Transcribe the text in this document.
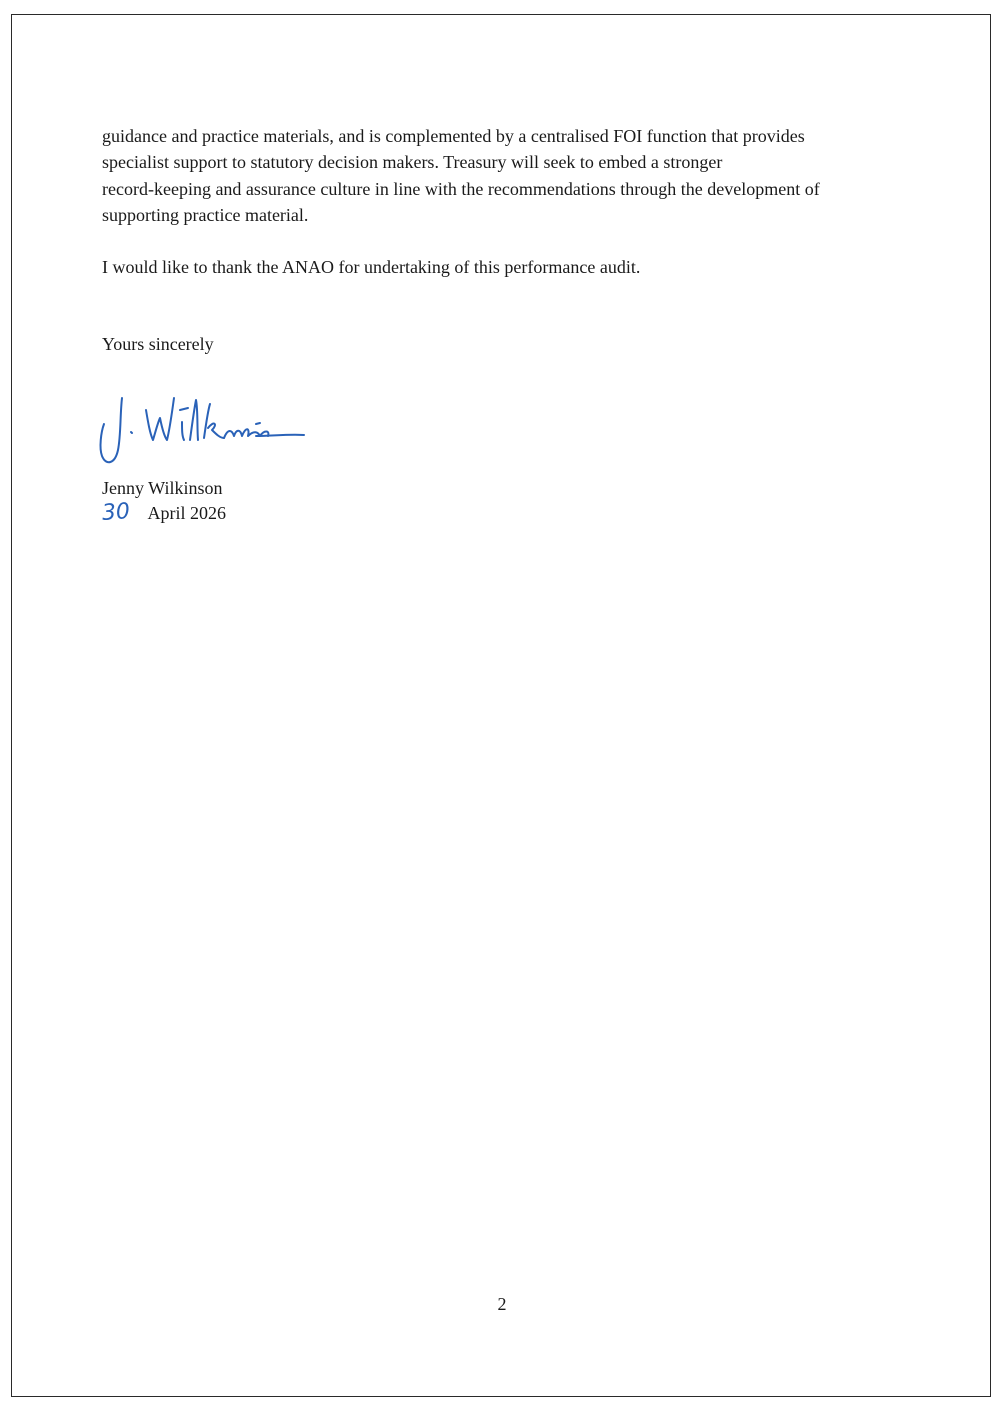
guidance and practice materials, and is complemented by a centralised FOI function that provides
specialist support to statutory decision makers. Treasury will seek to embed a stronger
record-keeping and assurance culture in line with the recommendations through the development of
supporting practice material.
I would like to thank the ANAO for undertaking of this performance audit.
Yours sincerely
Jenny Wilkinson
30 April 2026
2
